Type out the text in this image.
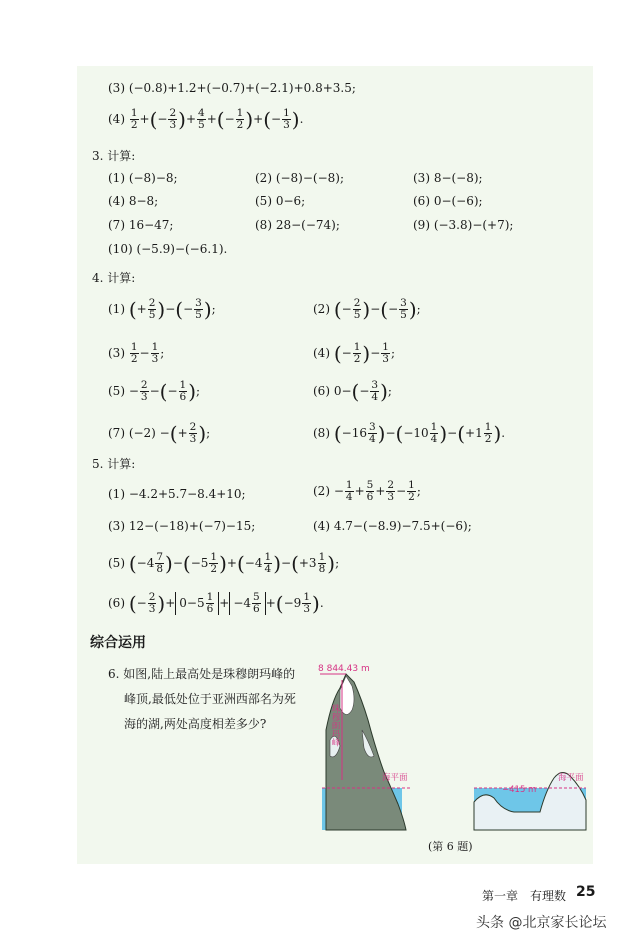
(3) (−0.8)+1.2+(−0.7)+(−2.1)+0.8+3.5;
$(4) \frac{1}{2}$ +(− $\frac{2}{3}$ )+ $\frac{4}{5}$ +(− $\frac{1}{2}$ )+(− $\frac{1}{3}$ ).
3. 计算:
(1) (−8)−8;	(2) (−8)−(−8);	(3) 8−(−8);
(4) 8−8;	(5) 0−6;	(6) 0−(−6);
(7) 16−47;	(8) 28−(−74);	(9) (−3.8)−(+7);
(10) (−5.9)−(−6.1).
4. 计算:
(1) (+ $\frac{2}{5}$ )−(− $\frac{3}{5}$ );	(2) (− $\frac{2}{5}$ )−(− $\frac{3}{5}$ );
$(3) \frac{1}{2} - \frac{1}{3}$ ;	(4) (− $\frac{1}{2}$ )− $\frac{1}{3}$ ;
$(5) - \frac{2}{3}$ −(− $\frac{1}{6}$ );	(6) $0-(- \frac{3}{4}$ );
(7) (−2) −(+ $\frac{2}{3}$ );	(8) $(-16 \frac{3}{4} )-(-10 \frac{1}{4} )-(+1 \frac{1}{2}$ ).
5. 计算:
(1) −4.2+5.7−8.4+10;	$(2) - \frac{1}{4} + \frac{5}{6} + \frac{2}{3} - \frac{1}{2}$ ;
(3) 12−(−18)+(−7)−15;	(4) 4.7−(−8.9)−7.5+(−6);
(5) $(-4 \frac{7}{8} )-(-5 \frac{1}{2} )+(-4 \frac{1}{4} )-(+3 \frac{1}{8}$ );
(6) (− $\frac{2}{3}$ )+ $0-5 \frac{1}{6} + -4 \frac{5}{6} +(-9 \frac{1}{3}$ ).
综合运用
6. 如图,陆上最高处是珠穆朗玛峰的
峰顶,最低处位于亚洲西部名为死
海的湖,两处高度相差多少?
8 844.43 m
珠穆朗玛峰
海平面	海平面
−415 m
(第 6 题)
第一章 有理数 25
头条 @北京家长论坛
